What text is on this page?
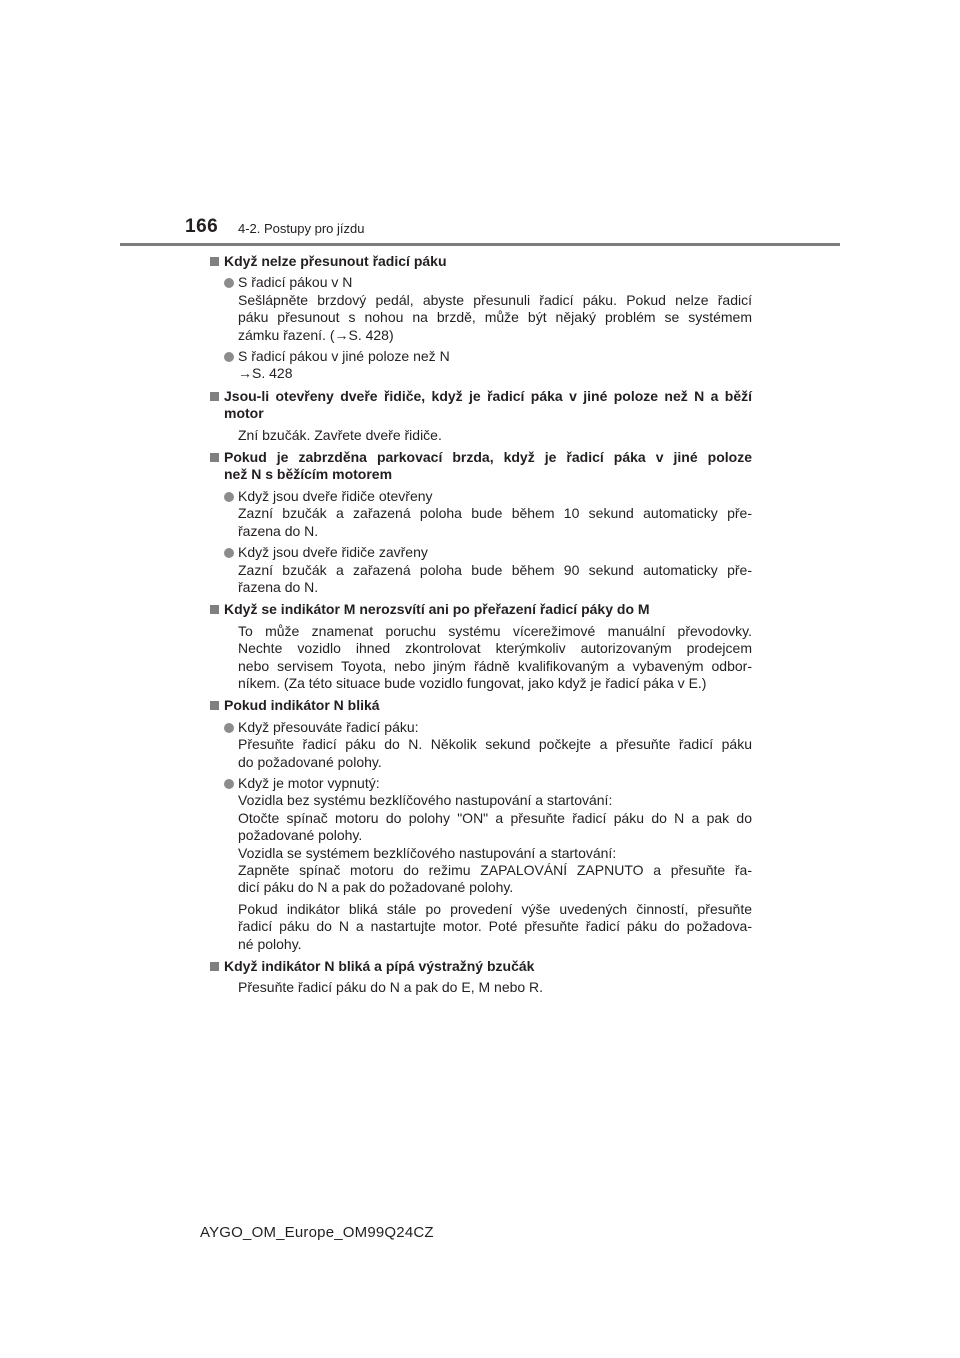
166 4-2. Postupy pro jízdu
Když nelze přesunout řadicí páku
S řadicí pákou v N
Sešlápněte brzdový pedál, abyste přesunuli řadicí páku. Pokud nelze řadicí
páku přesunout s nohou na brzdě, může být nějaký problém se systémem
zámku řazení. (→S. 428)
S řadicí pákou v jiné poloze než N
→S. 428
Jsou-li otevřeny dveře řidiče, když je řadicí páka v jiné poloze než N a běží
motor
Zní bzučák. Zavřete dveře řidiče.
Pokud je zabrzděna parkovací brzda, když je řadicí páka v jiné poloze
než N s běžícím motorem
Když jsou dveře řidiče otevřeny
Zazní bzučák a zařazená poloha bude během 10 sekund automaticky pře-
řazena do N.
Když jsou dveře řidiče zavřeny
Zazní bzučák a zařazená poloha bude během 90 sekund automaticky pře-
řazena do N.
Když se indikátor M nerozsvítí ani po přeřazení řadicí páky do M
To může znamenat poruchu systému vícerežimové manuální převodovky.
Nechte vozidlo ihned zkontrolovat kterýmkoliv autorizovaným prodejcem
nebo servisem Toyota, nebo jiným řádně kvalifikovaným a vybaveným odbor-
níkem. (Za této situace bude vozidlo fungovat, jako když je řadicí páka v E.)
Pokud indikátor N bliká
Když přesouváte řadicí páku:
Přesuňte řadicí páku do N. Několik sekund počkejte a přesuňte řadicí páku
do požadované polohy.
Když je motor vypnutý:
Vozidla bez systému bezklíčového nastupování a startování:
Otočte spínač motoru do polohy "ON" a přesuňte řadicí páku do N a pak do
požadované polohy.
Vozidla se systémem bezklíčového nastupování a startování:
Zapněte spínač motoru do režimu ZAPALOVÁNÍ ZAPNUTO a přesuňte řa-
dicí páku do N a pak do požadované polohy.
Pokud indikátor bliká stále po provedení výše uvedených činností, přesuňte
řadicí páku do N a nastartujte motor. Poté přesuňte řadicí páku do požadova-
né polohy.
Když indikátor N bliká a pípá výstražný bzučák
Přesuňte řadicí páku do N a pak do E, M nebo R.
AYGO_OM_Europe_OM99Q24CZ
